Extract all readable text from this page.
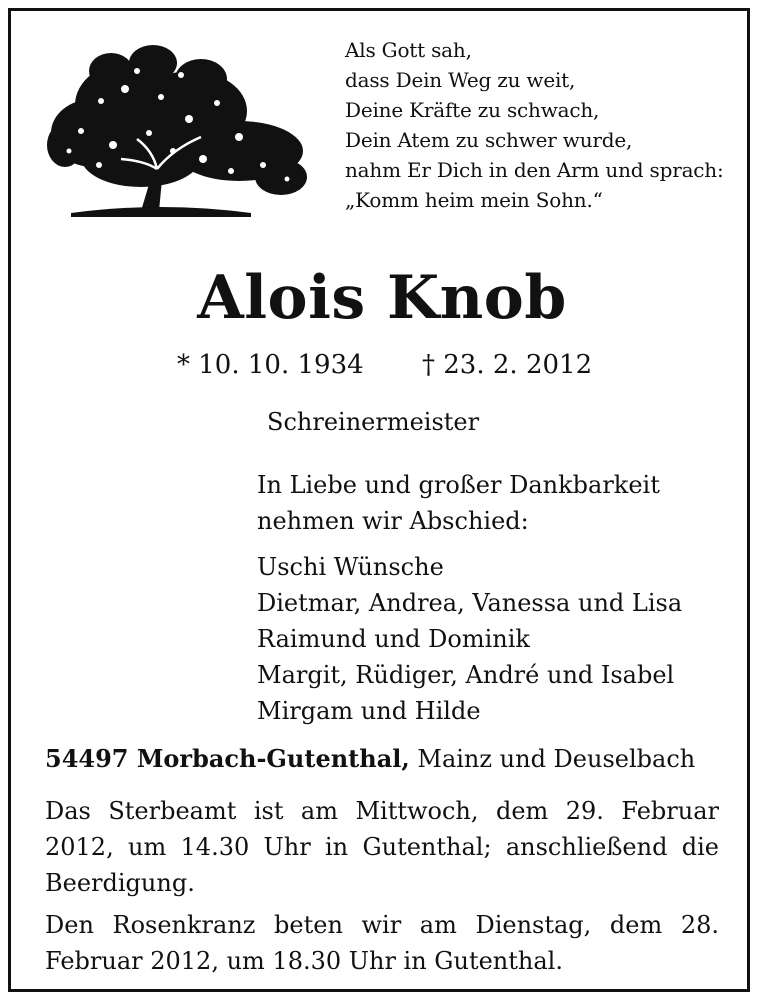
Als Gott sah,
dass Dein Weg zu weit,
Deine Kräfte zu schwach,
Dein Atem zu schwer wurde,
nahm Er Dich in den Arm und sprach:
„Komm heim mein Sohn.“
Alois Knob
* 10. 10. 1934 † 23. 2. 2012
Schreinermeister
In Liebe und großer Dankbarkeit
nehmen wir Abschied:
Uschi Wünsche
Dietmar, Andrea, Vanessa und Lisa
Raimund und Dominik
Margit, Rüdiger, André und Isabel
Mirgam und Hilde
54497 Morbach-Gutenthal, Mainz und Deuselbach
Das Sterbeamt ist am Mittwoch, dem 29. Februar 2012, um 14.30 Uhr in Gutenthal; anschließend die Beerdigung.
Den Rosenkranz beten wir am Dienstag, dem 28. Februar 2012, um 18.30 Uhr in Gutenthal.
